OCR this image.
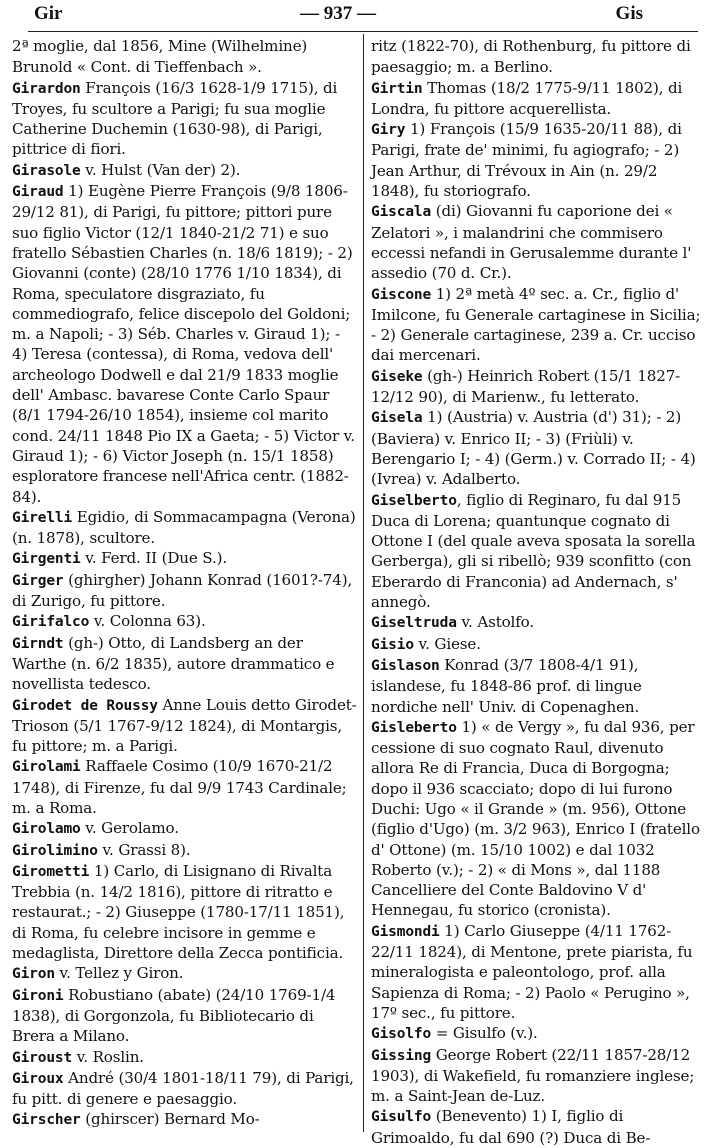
Gir	— 937 —	Gis

2ª moglie, dal 1856, Mine (Wilhelmine) Brunold « Cont. di Tieffenbach ».

Girardon François (16/3 1628-1/9 1715), di Troyes, fu scultore a Parigi; fu sua moglie Catherine Duchemin (1630-98), di Parigi, pittrice di fiori.

Girasole v. Hulst (Van der) 2).

Giraud 1) Eugène Pierre François (9/8 1806-29/12 81), di Parigi, fu pittore; pittori pure suo figlio Victor (12/1 1840-21/2 71) e suo fratello Sébastien Charles (n. 18/6 1819); - 2) Giovanni (conte) (28/10 1776 1/10 1834), di Roma, speculatore disgraziato, fu commediografo, felice discepolo del Goldoni; m. a Napoli; - 3) Séb. Charles v. Giraud 1); - 4) Teresa (contessa), di Roma, vedova dell' archeologo Dodwell e dal 21/9 1833 moglie dell' Ambasc. bavarese Conte Carlo Spaur (8/1 1794-26/10 1854), insieme col marito cond. 24/11 1848 Pio IX a Gaeta; - 5) Victor v. Giraud 1); - 6) Victor Joseph (n. 15/1 1858) esploratore francese nell'Africa centr. (1882-84).

Girelli Egidio, di Sommacampagna (Verona) (n. 1878), scultore.

Girgenti v. Ferd. II (Due S.).

Girger (ghirgher) Johann Konrad (1601?-74), di Zurigo, fu pittore.

Girifalco v. Colonna 63).

Girndt (gh-) Otto, di Landsberg an der Warthe (n. 6/2 1835), autore drammatico e novellista tedesco.

Girodet de Roussy Anne Louis detto Girodet-Trioson (5/1 1767-9/12 1824), di Montargis, fu pittore; m. a Parigi.

Girolami Raffaele Cosimo (10/9 1670-21/2 1748), di Firenze, fu dal 9/9 1743 Cardinale; m. a Roma.

Girolamo v. Gerolamo.

Girolimino v. Grassi 8).

Girometti 1) Carlo, di Lisignano di Rivalta Trebbia (n. 14/2 1816), pittore di ritratto e restaurat.; - 2) Giuseppe (1780-17/11 1851), di Roma, fu celebre incisore in gemme e medaglista, Direttore della Zecca pontificia.

Giron v. Tellez y Giron.

Gironi Robustiano (abate) (24/10 1769-1/4 1838), di Gorgonzola, fu Bibliotecario di Brera a Milano.

Giroust v. Roslin.

Giroux André (30/4 1801-18/11 79), di Parigi, fu pitt. di genere e paesaggio.

Girscher (ghirscer) Bernard Mo-

ritz (1822-70), di Rothenburg, fu pittore di paesaggio; m. a Berlino.

Girtin Thomas (18/2 1775-9/11 1802), di Londra, fu pittore acquerellista.

Giry 1) François (15/9 1635-20/11 88), di Parigi, frate de' minimi, fu agiografo; - 2) Jean Arthur, di Trévoux in Ain (n. 29/2 1848), fu storiografo.

Giscala (di) Giovanni fu caporione dei « Zelatori », i malandrini che commisero eccessi nefandi in Gerusalemme durante l' assedio (70 d. Cr.).

Giscone 1) 2ª metà 4º sec. a. Cr., figlio d' Imilcone, fu Generale cartaginese in Sicilia; - 2) Generale cartaginese, 239 a. Cr. ucciso dai mercenari.

Giseke (gh-) Heinrich Robert (15/1 1827-12/12 90), di Marienw., fu letterato.

Gisela 1) (Austria) v. Austria (d') 31); - 2) (Baviera) v. Enrico II; - 3) (Friùli) v. Berengario I; - 4) (Germ.) v. Corrado II; - 4) (Ivrea) v. Adalberto.

Giselberto, figlio di Reginaro, fu dal 915 Duca di Lorena; quantunque cognato di Ottone I (del quale aveva sposata la sorella Gerberga), gli si ribellò; 939 sconfitto (con Eberardo di Franconia) ad Andernach, s' annegò.

Giseltruda v. Astolfo.

Gisio v. Giese.

Gislason Konrad (3/7 1808-4/1 91), islandese, fu 1848-86 prof. di lingue nordiche nell' Univ. di Copenaghen.

Gisleberto 1) « de Vergy », fu dal 936, per cessione di suo cognato Raul, divenuto allora Re di Francia, Duca di Borgogna; dopo il 936 scacciato; dopo di lui furono Duchi: Ugo « il Grande » (m. 956), Ottone (figlio d'Ugo) (m. 3/2 963), Enrico I (fratello d' Ottone) (m. 15/10 1002) e dal 1032 Roberto (v.); - 2) « di Mons », dal 1188 Cancelliere del Conte Baldovino V d' Hennegau, fu storico (cronista).

Gismondi 1) Carlo Giuseppe (4/11 1762-22/11 1824), di Mentone, prete piarista, fu mineralogista e paleontologo, prof. alla Sapienza di Roma; - 2) Paolo « Perugino », 17º sec., fu pittore.

Gisolfo = Gisulfo (v.).

Gissing George Robert (22/11 1857-28/12 1903), di Wakefield, fu romanziere inglese; m. a Saint-Jean de-Luz.

Gisulfo (Benevento) 1) I, figlio di Grimoaldo, fu dal 690 (?) Duca di Be-
